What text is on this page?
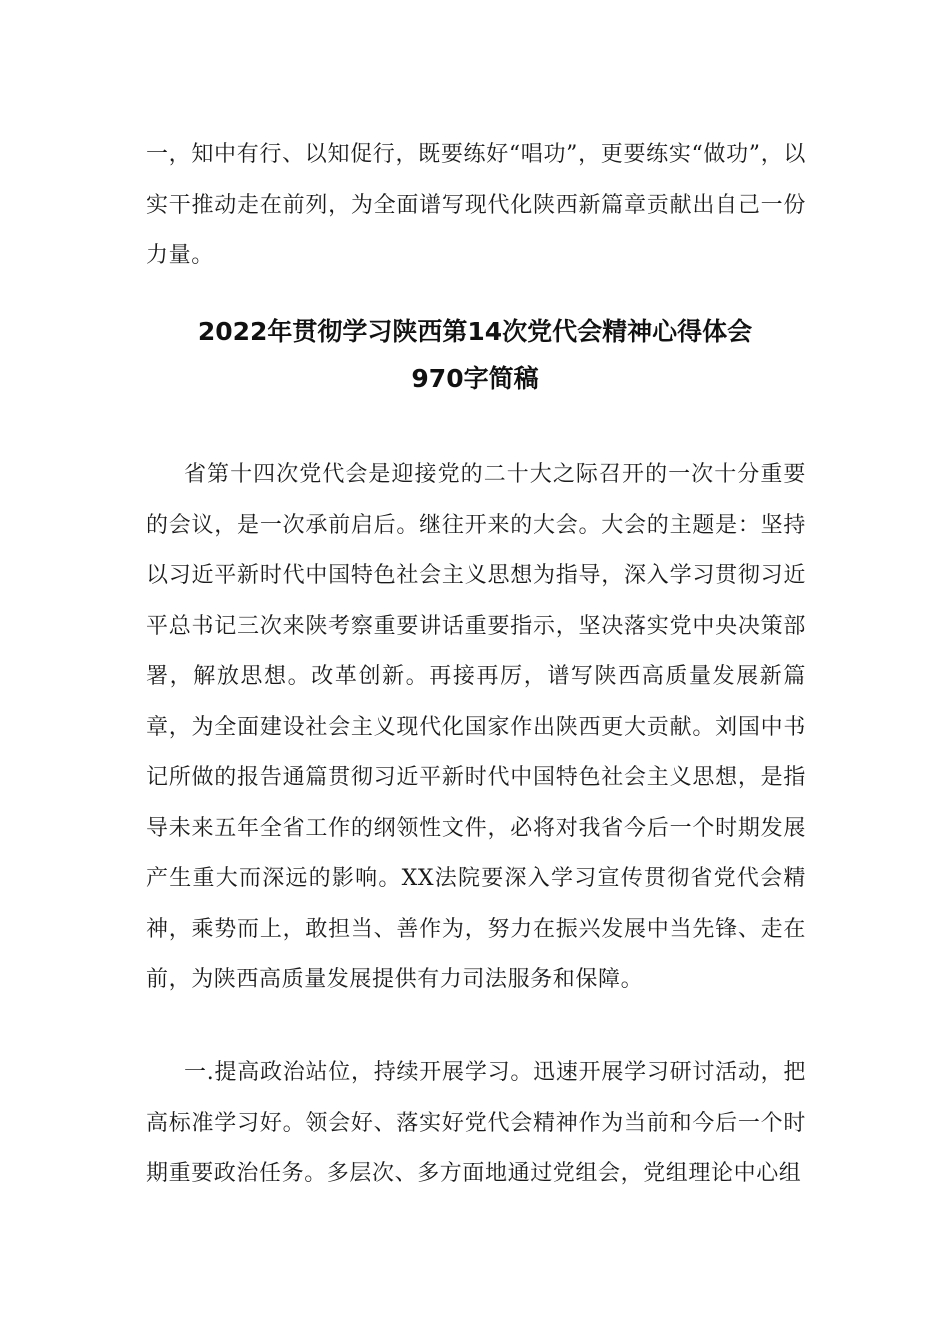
一，知中有行、以知促行，既要练好“唱功”，更要练实“做功”，以实干推动走在前列，为全面谱写现代化陕西新篇章贡献出自己一份力量。

2022年贯彻学习陕西第14次党代会精神心得体会
970字简稿

省第十四次党代会是迎接党的二十大之际召开的一次十分重要的会议，是一次承前启后。继往开来的大会。大会的主题是：坚持以习近平新时代中国特色社会主义思想为指导，深入学习贯彻习近平总书记三次来陕考察重要讲话重要指示，坚决落实党中央决策部署，解放思想。改革创新。再接再厉，谱写陕西高质量发展新篇章，为全面建设社会主义现代化国家作出陕西更大贡献。刘国中书记所做的报告通篇贯彻习近平新时代中国特色社会主义思想，是指导未来五年全省工作的纲领性文件，必将对我省今后一个时期发展产生重大而深远的影响。XX法院要深入学习宣传贯彻省党代会精神，乘势而上，敢担当、善作为，努力在振兴发展中当先锋、走在前，为陕西高质量发展提供有力司法服务和保障。

一.提高政治站位，持续开展学习。迅速开展学习研讨活动，把高标准学习好。领会好、落实好党代会精神作为当前和今后一个时期重要政治任务。多层次、多方面地通过党组会，党组理论中心组
